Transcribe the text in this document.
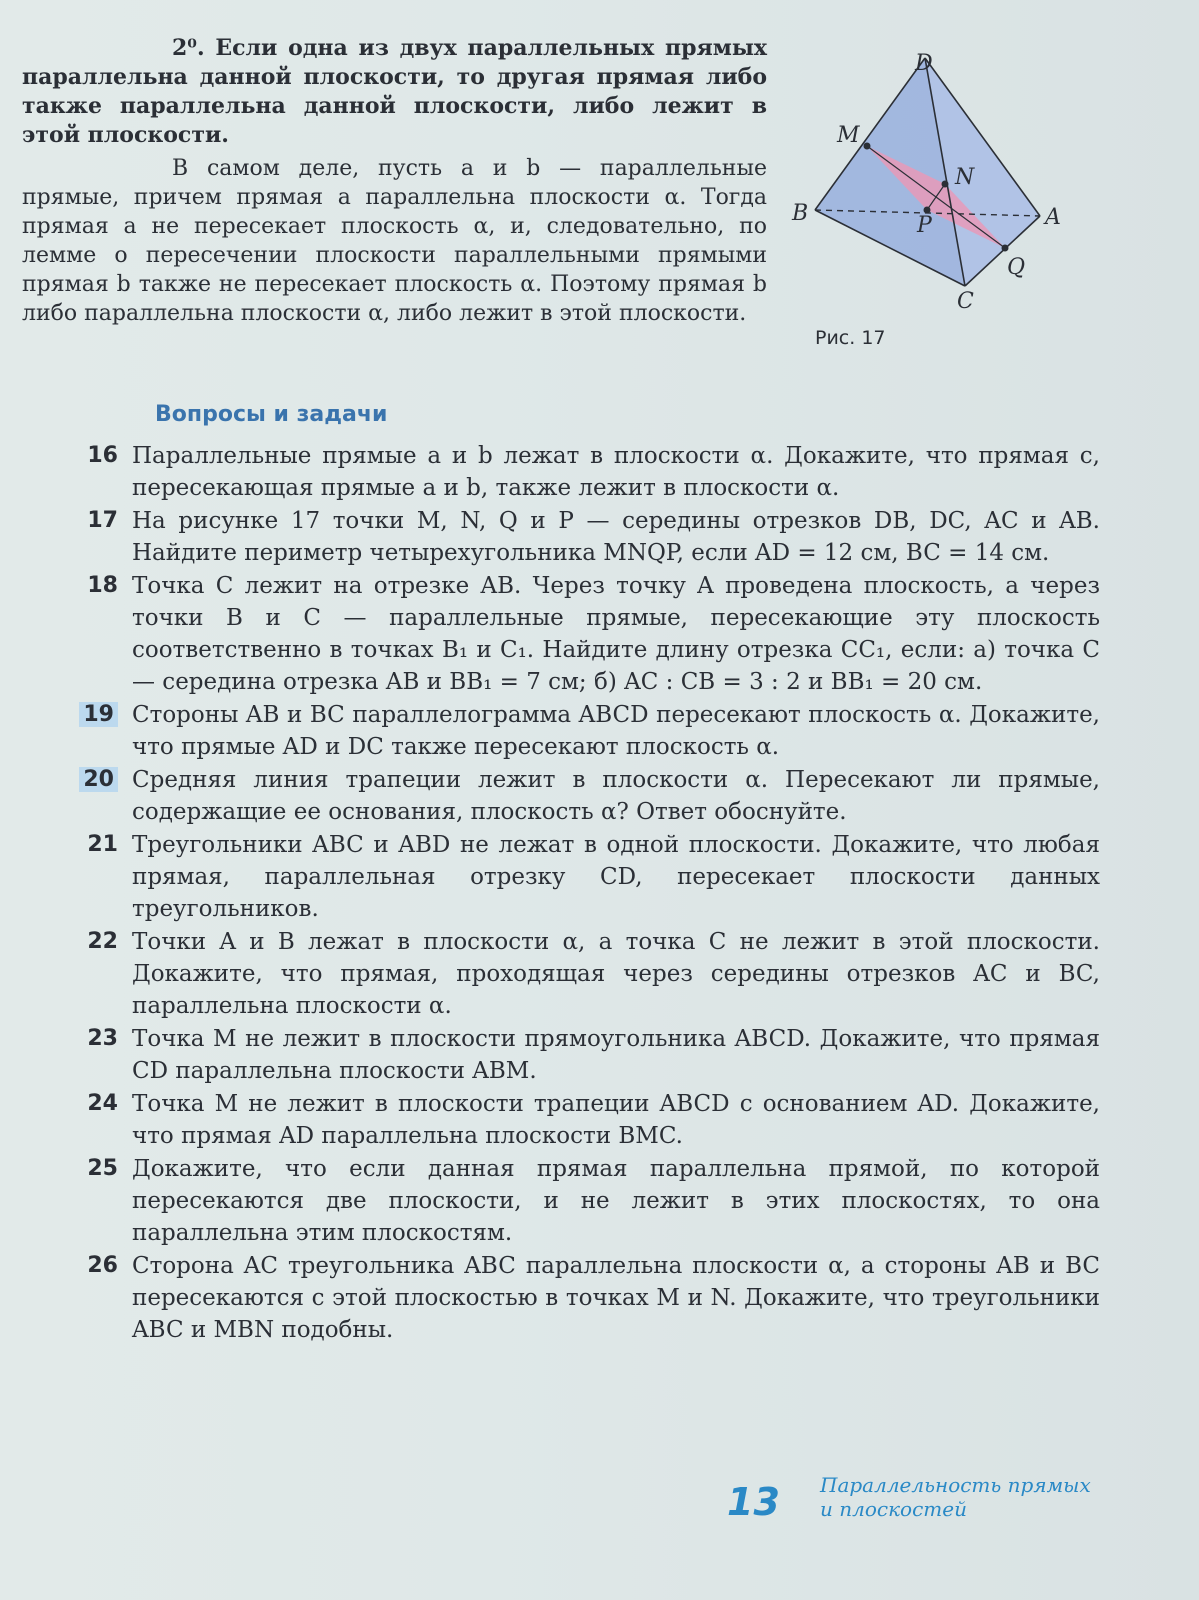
2⁰. Если одна из двух параллельных прямых параллельна данной плоскости, то другая прямая либо также параллельна данной плоскости, либо лежит в этой плоскости.

В самом деле, пусть a и b — параллельные прямые, причем прямая a параллельна плоскости α. Тогда прямая a не пересекает плоскость α, и, следовательно, по лемме о пересечении плоскости параллельными прямыми прямая b также не пересекает плоскость α. Поэтому прямая b либо параллельна плоскости α, либо лежит в этой плоскости.

D
M
N
B	P	A
Q
C
Рис. 17
Вопросы и задачи
16 Параллельные прямые a и b лежат в плоскости α. Докажите, что прямая c, пересекающая прямые a и b, также лежит в плоскости α.
17 На рисунке 17 точки M, N, Q и P — середины отрезков DB, DC, AC и AB. Найдите периметр четырехугольника MNQP, если AD = 12 см, BC = 14 см.
18 Точка C лежит на отрезке AB. Через точку A проведена плоскость, а через точки B и C — параллельные прямые, пересекающие эту плоскость соответственно в точках B₁ и C₁. Найдите длину отрезка CC₁, если: а) точка C — середина отрезка AB и BB₁ = 7 см; б) AC : CB = 3 : 2 и BB₁ = 20 см.
19 Стороны AB и BC параллелограмма ABCD пересекают плоскость α. Докажите, что прямые AD и DC также пересекают плоскость α.
20 Средняя линия трапеции лежит в плоскости α. Пересекают ли прямые, содержащие ее основания, плоскость α? Ответ обоснуйте.
21 Треугольники ABC и ABD не лежат в одной плоскости. Докажите, что любая прямая, параллельная отрезку CD, пересекает плоскости данных треугольников.
22 Точки A и B лежат в плоскости α, а точка C не лежит в этой плоскости. Докажите, что прямая, проходящая через середины отрезков AC и BC, параллельна плоскости α.
23 Точка M не лежит в плоскости прямоугольника ABCD. Докажите, что прямая CD параллельна плоскости ABM.
24 Точка M не лежит в плоскости трапеции ABCD с основанием AD. Докажите, что прямая AD параллельна плоскости BMC.
25 Докажите, что если данная прямая параллельна прямой, по которой пересекаются две плоскости, и не лежит в этих плоскостях, то она параллельна этим плоскостям.
26 Сторона AC треугольника ABC параллельна плоскости α, а стороны AB и BC пересекаются с этой плоскостью в точках M и N. Докажите, что треугольники ABC и MBN подобны.
13 Параллельность прямых
и плоскостей
